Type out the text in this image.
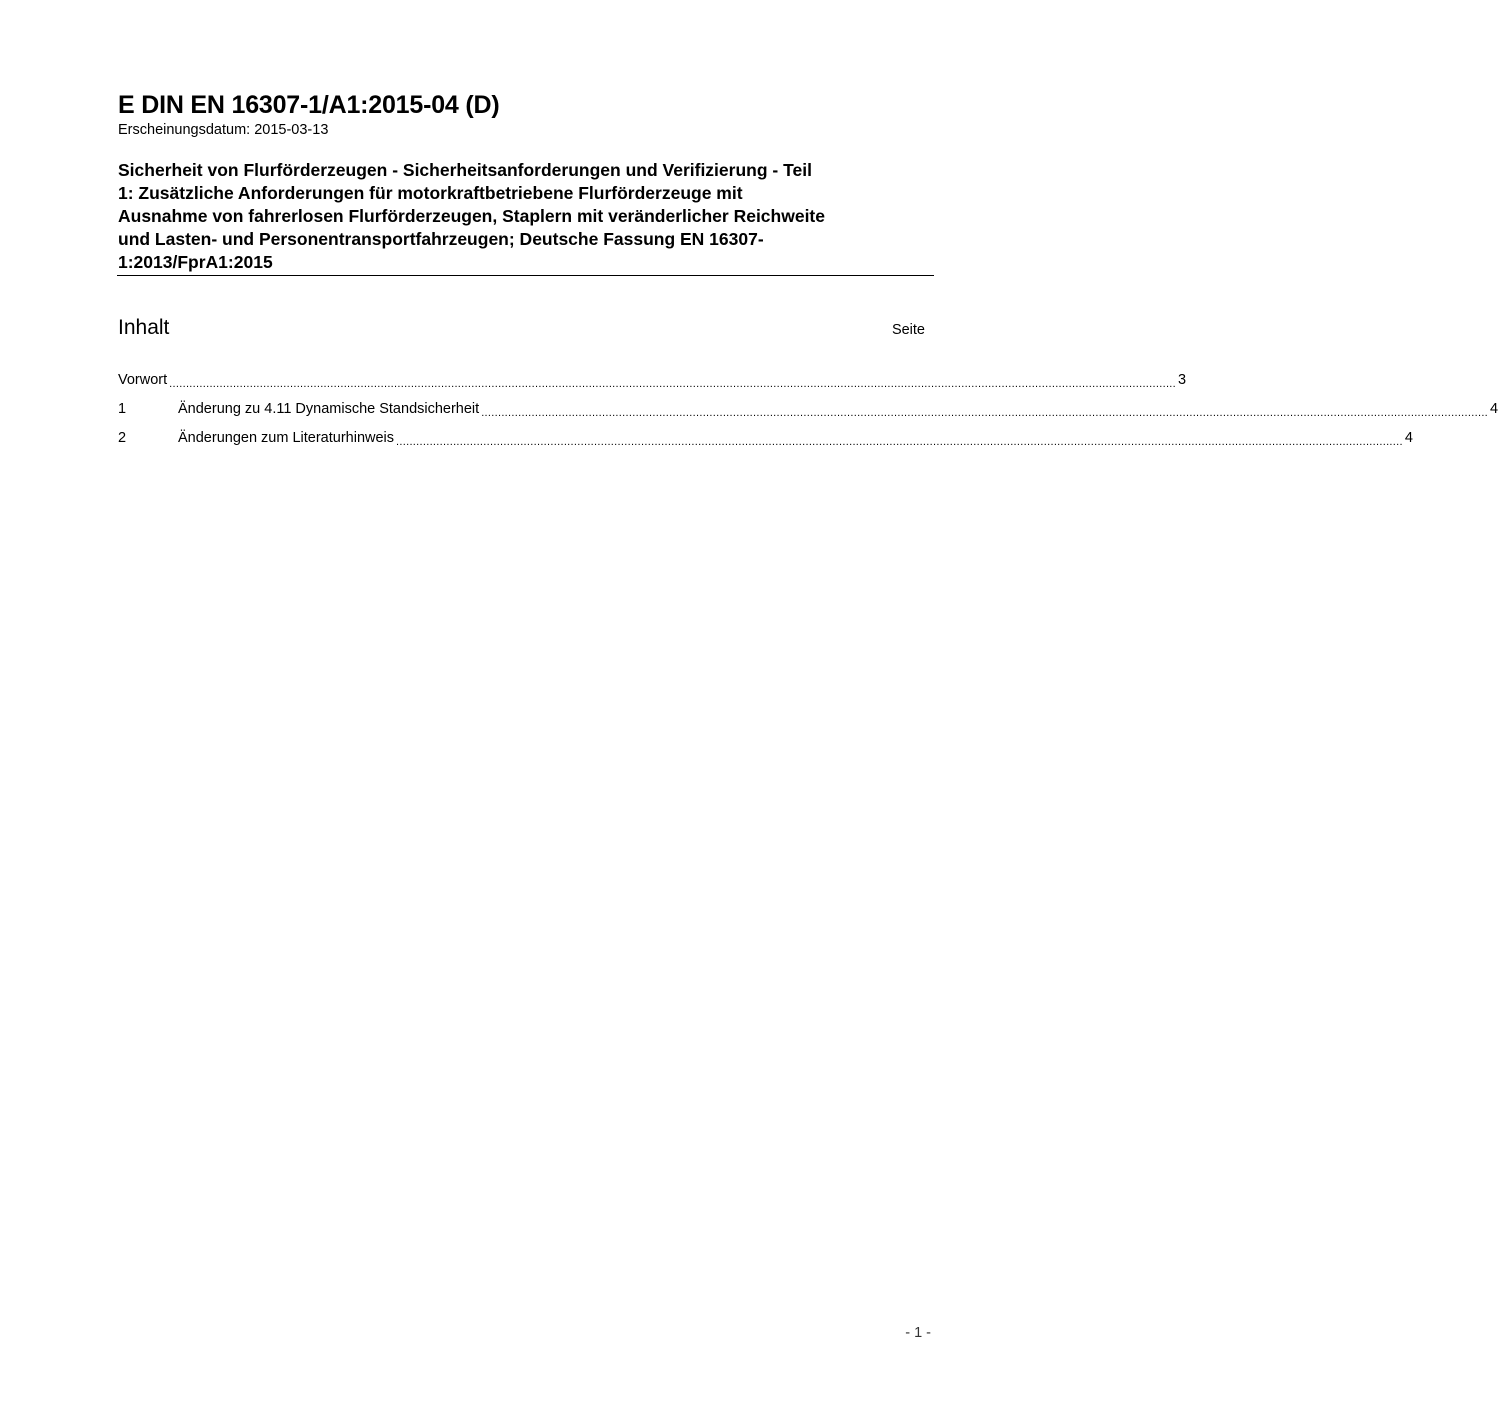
E DIN EN 16307-1/A1:2015-04 (D)
Erscheinungsdatum: 2015-03-13
Sicherheit von Flurförderzeugen - Sicherheitsanforderungen und Verifizierung - Teil
1: Zusätzliche Anforderungen für motorkraftbetriebene Flurförderzeuge mit
Ausnahme von fahrerlosen Flurförderzeugen, Staplern mit veränderlicher Reichweite
und Lasten- und Personentransportfahrzeugen; Deutsche Fassung EN 16307-
1:2013/FprA1:2015
Inhalt	Seite
Vorwort ............................................................................................................................................................................................................................................................................................................ 3
1	Änderung zu 4.11 Dynamische Standsicherheit ............................................................................................................................................................................................................................................................................................................ 4
2	Änderungen zum Literaturhinweis ............................................................................................................................................................................................................................................................................................................ 4
- 1 -
